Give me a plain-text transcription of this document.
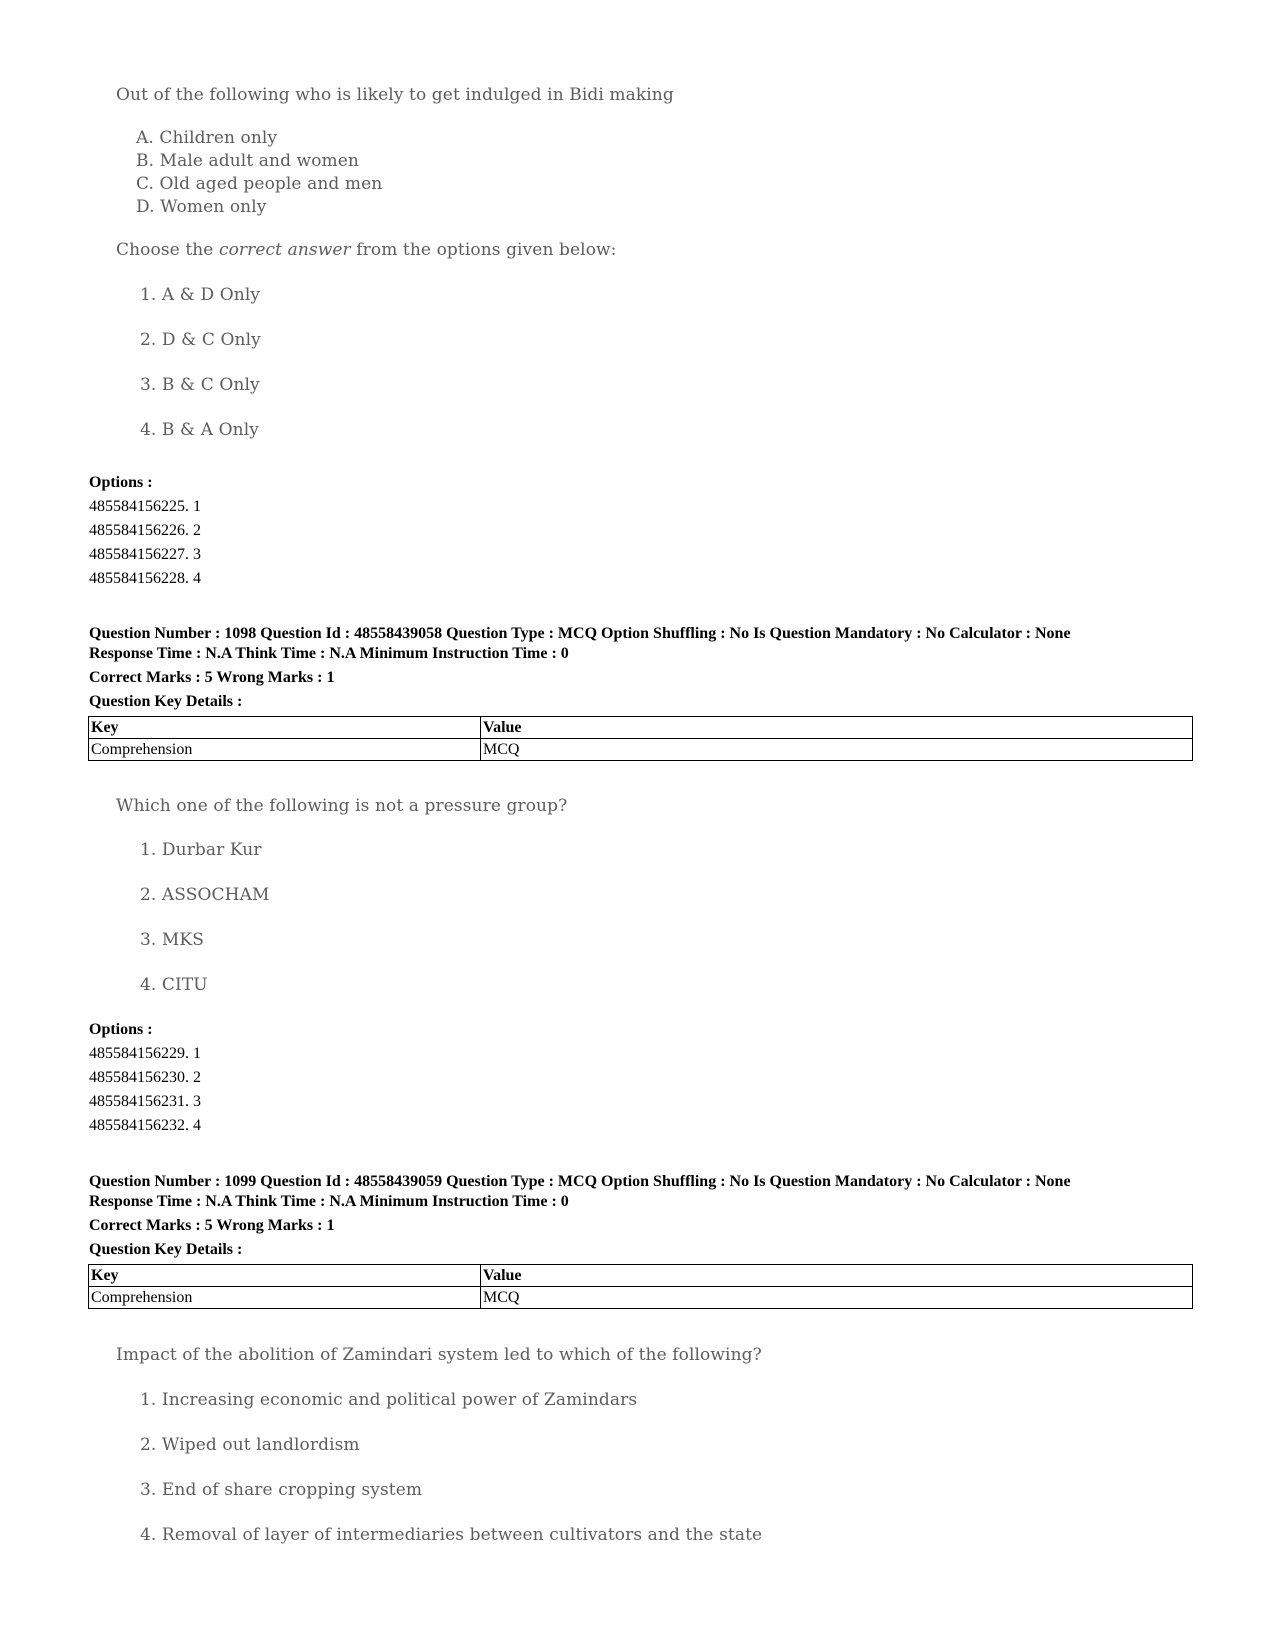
Out of the following who is likely to get indulged in Bidi making
A. Children only
B. Male adult and women
C. Old aged people and men
D. Women only
Choose the correct answer from the options given below:
1. A & D Only
2. D & C Only
3. B & C Only
4. B & A Only
Options :
485584156225. 1
485584156226. 2
485584156227. 3
485584156228. 4
Question Number : 1098 Question Id : 48558439058 Question Type : MCQ Option Shuffling : No Is Question Mandatory : No Calculator : None
Response Time : N.A Think Time : N.A Minimum Instruction Time : 0
Correct Marks : 5 Wrong Marks : 1
Question Key Details :
Key	Value
Comprehension	MCQ
Which one of the following is not a pressure group?
1. Durbar Kur
2. ASSOCHAM
3. MKS
4. CITU
Options :
485584156229. 1
485584156230. 2
485584156231. 3
485584156232. 4
Question Number : 1099 Question Id : 48558439059 Question Type : MCQ Option Shuffling : No Is Question Mandatory : No Calculator : None
Response Time : N.A Think Time : N.A Minimum Instruction Time : 0
Correct Marks : 5 Wrong Marks : 1
Question Key Details :
Key	Value
Comprehension	MCQ
Impact of the abolition of Zamindari system led to which of the following?
1. Increasing economic and political power of Zamindars
2. Wiped out landlordism
3. End of share cropping system
4. Removal of layer of intermediaries between cultivators and the state
